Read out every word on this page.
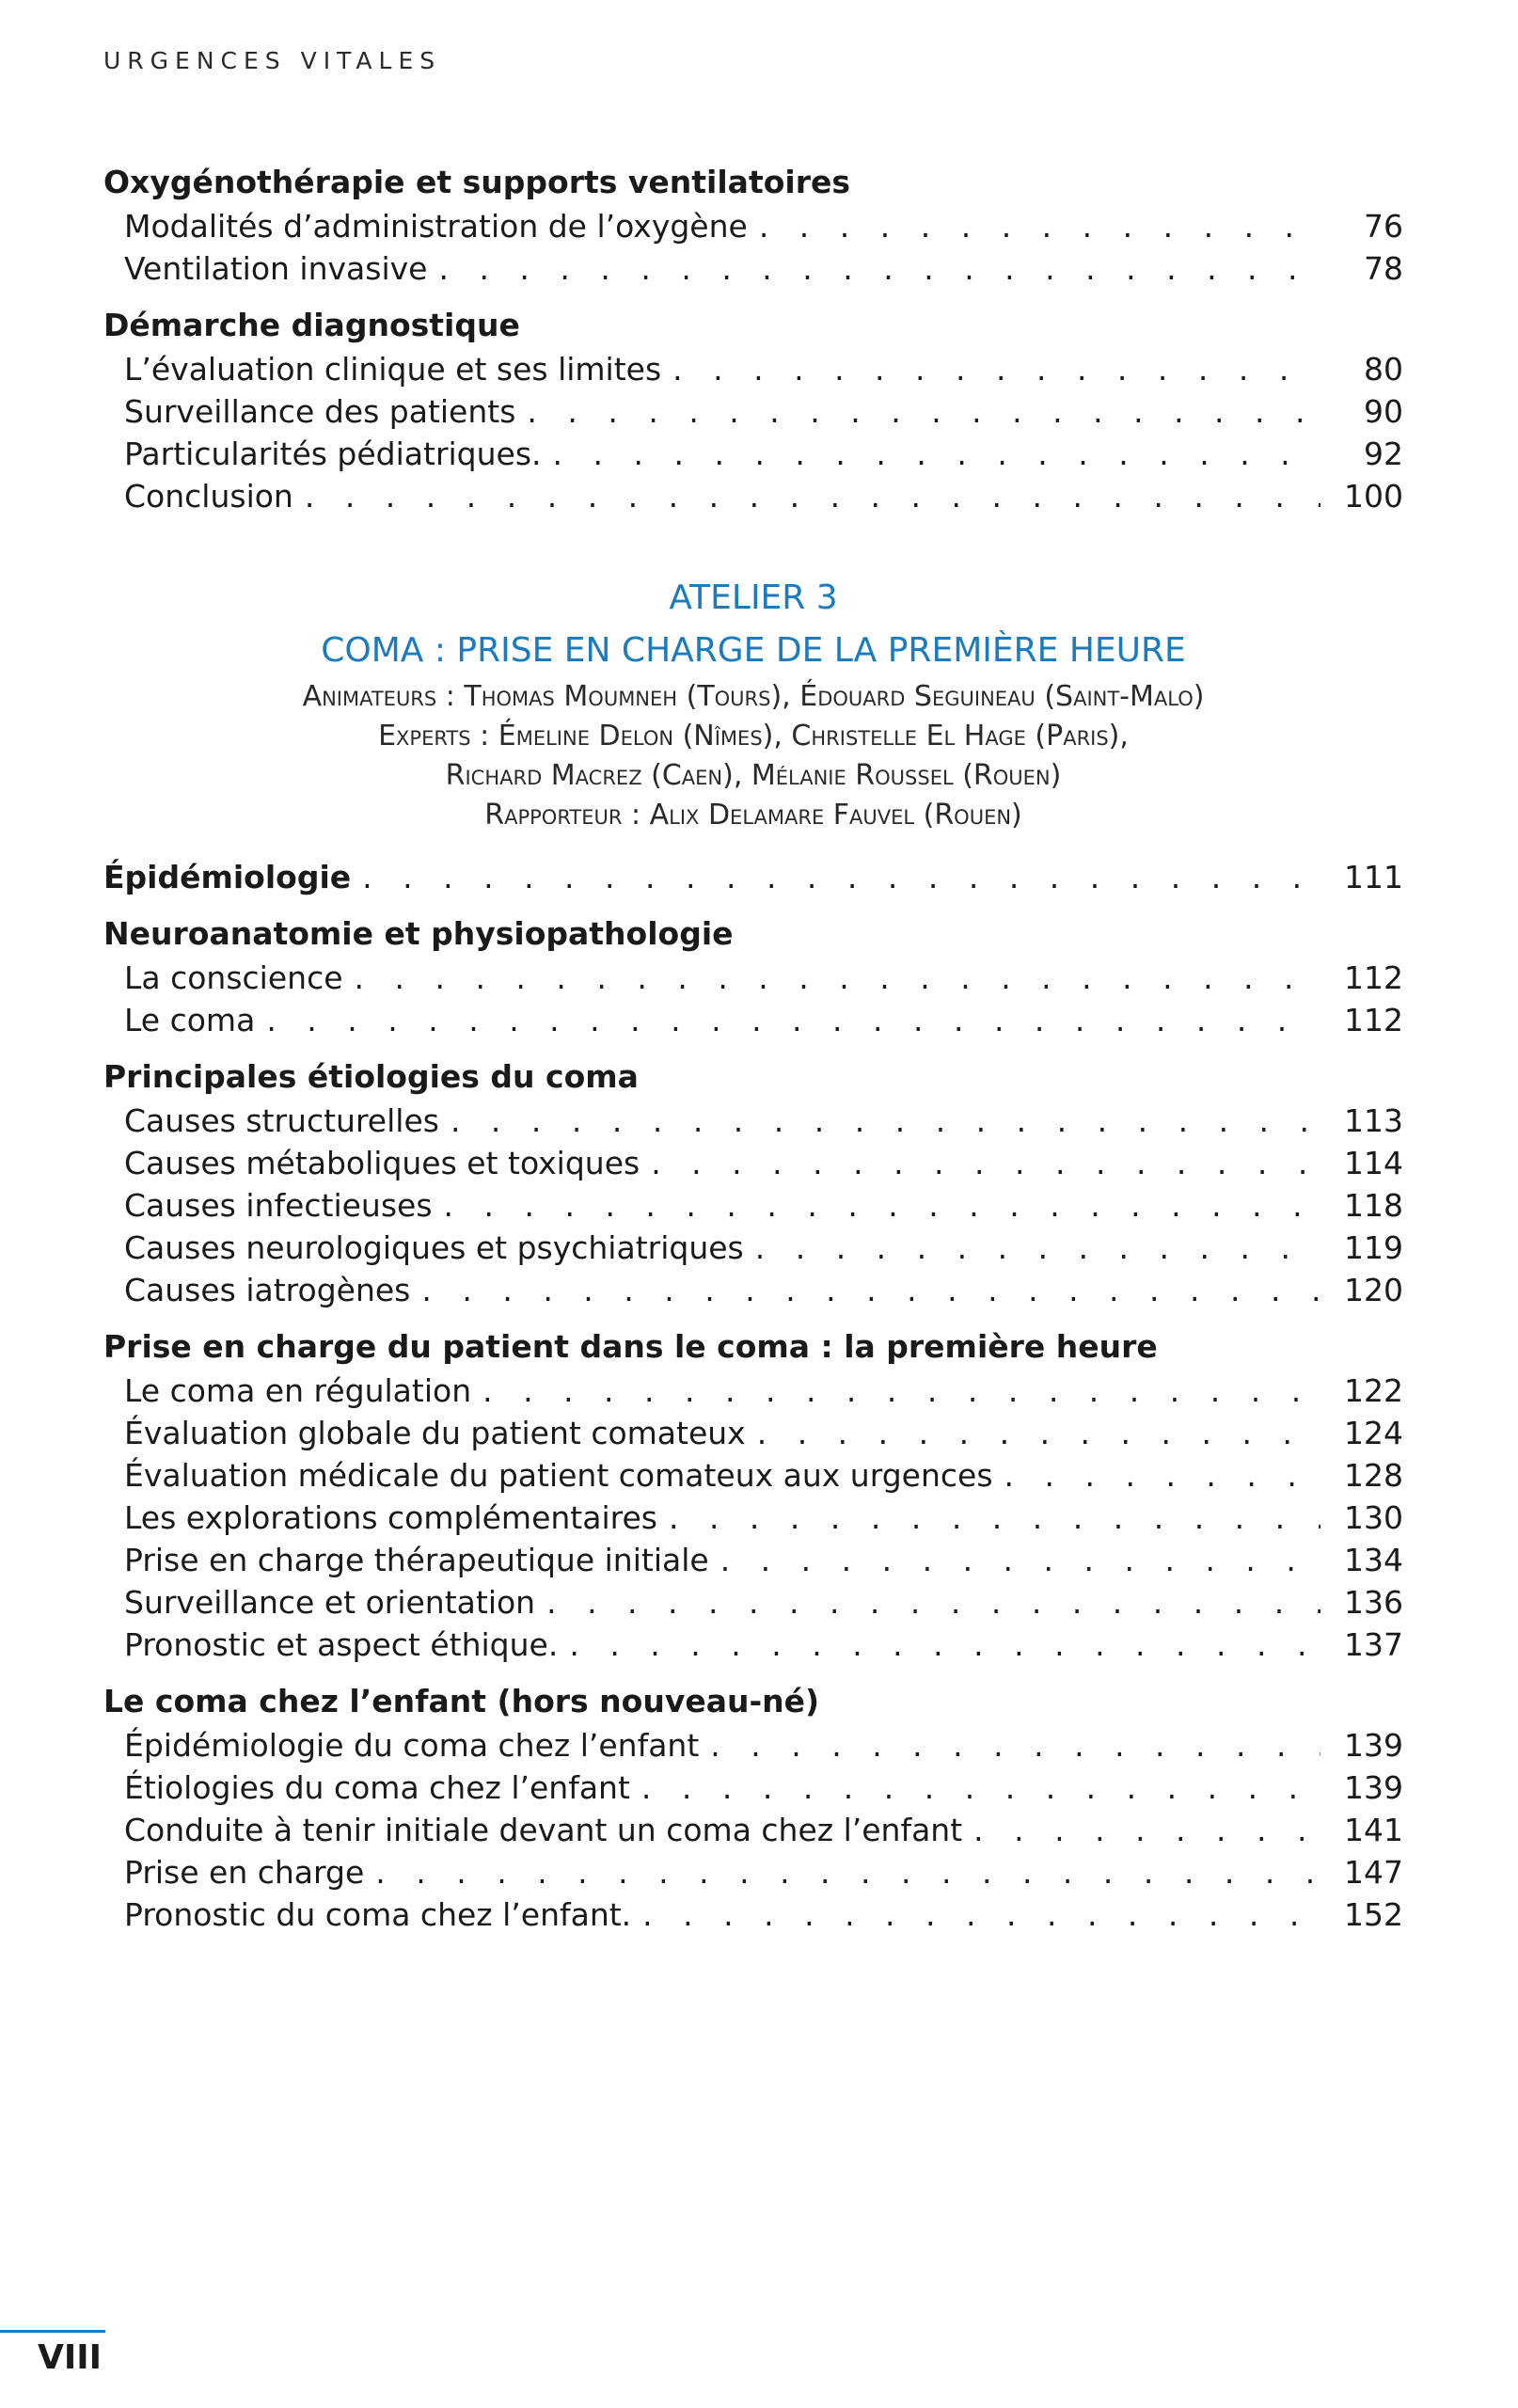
URGENCES VITALES
Oxygénothérapie et supports ventilatoires
Modalités d’administration de l’oxygène . . .	76
Ventilation invasive . . .	78
Démarche diagnostique
L’évaluation clinique et ses limites . . .	80
Surveillance des patients . . .	90
Particularités pédiatriques. . . .	92
Conclusion . . .	100
ATELIER 3
COMA : PRISE EN CHARGE DE LA PREMIÈRE HEURE
Animateurs : Thomas Moumneh (Tours), Édouard Seguineau (Saint-Malo)
Experts : Émeline Delon (Nîmes), Christelle El Hage (Paris),
Richard Macrez (Caen), Mélanie Roussel (Rouen)
Rapporteur : Alix Delamare Fauvel (Rouen)
Épidémiologie . . .	111
Neuroanatomie et physiopathologie
La conscience . . .	112
Le coma . . .	112
Principales étiologies du coma
Causes structurelles . . .	113
Causes métaboliques et toxiques . . .	114
Causes infectieuses . . .	118
Causes neurologiques et psychiatriques . . .	119
Causes iatrogènes . . .	120
Prise en charge du patient dans le coma : la première heure
Le coma en régulation . . .	122
Évaluation globale du patient comateux . . .	124
Évaluation médicale du patient comateux aux urgences . . .	128
Les explorations complémentaires . . .	130
Prise en charge thérapeutique initiale . . .	134
Surveillance et orientation . . .	136
Pronostic et aspect éthique. . . .	137
Le coma chez l’enfant (hors nouveau-né)
Épidémiologie du coma chez l’enfant . . .	139
Étiologies du coma chez l’enfant . . .	139
Conduite à tenir initiale devant un coma chez l’enfant . . .	141
Prise en charge . . .	147
Pronostic du coma chez l’enfant. . . .	152
VIII
